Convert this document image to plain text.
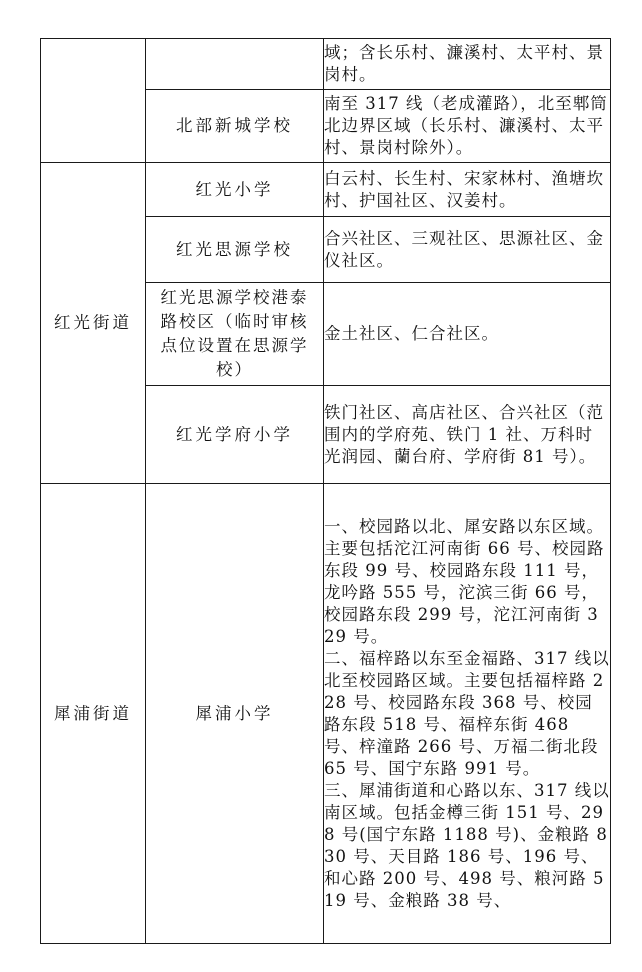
		域；含长乐村、濂溪村、太平村、景岗村。

	北部新城学校	南至 317 线（老成灌路），北至郫筒北边界区域（长乐村、濂溪村、太平村、景岗村除外）。

红光街道	红光小学	白云村、长生村、宋家林村、渔塘坎村、护国社区、汉姜村。

	红光思源学校	合兴社区、三观社区、思源社区、金仪社区。

	红光思源学校港泰路校区（临时审核点位设置在思源学校）	金土社区、仁合社区。

	红光学府小学	铁门社区、高店社区、合兴社区（范围内的学府苑、铁门 1 社、万科时光润园、蘭台府、学府街 81 号）。

犀浦街道	犀浦小学	一、校园路以北、犀安路以东区域。主要包括沱江河南街 66 号、校园路东段 99 号、校园路东段 111 号，龙吟路 555 号，沱滨三街 66 号，校园路东段 299 号，沱江河南街 329 号。

二、福梓路以东至金福路、317 线以北至校园路区域。主要包括福梓路 228 号、校园路东段 368 号、校园路东段 518 号、福梓东街 468 号、梓潼路 266 号、万福二街北段 65 号、国宁东路 991 号。

三、犀浦街道和心路以东、317 线以南区域。包括金樽三街 151 号、298 号(国宁东路 1188 号)、金粮路 830 号、天目路 186 号、196 号、和心路 200 号、498 号、粮河路 519 号、金粮路 38 号、
